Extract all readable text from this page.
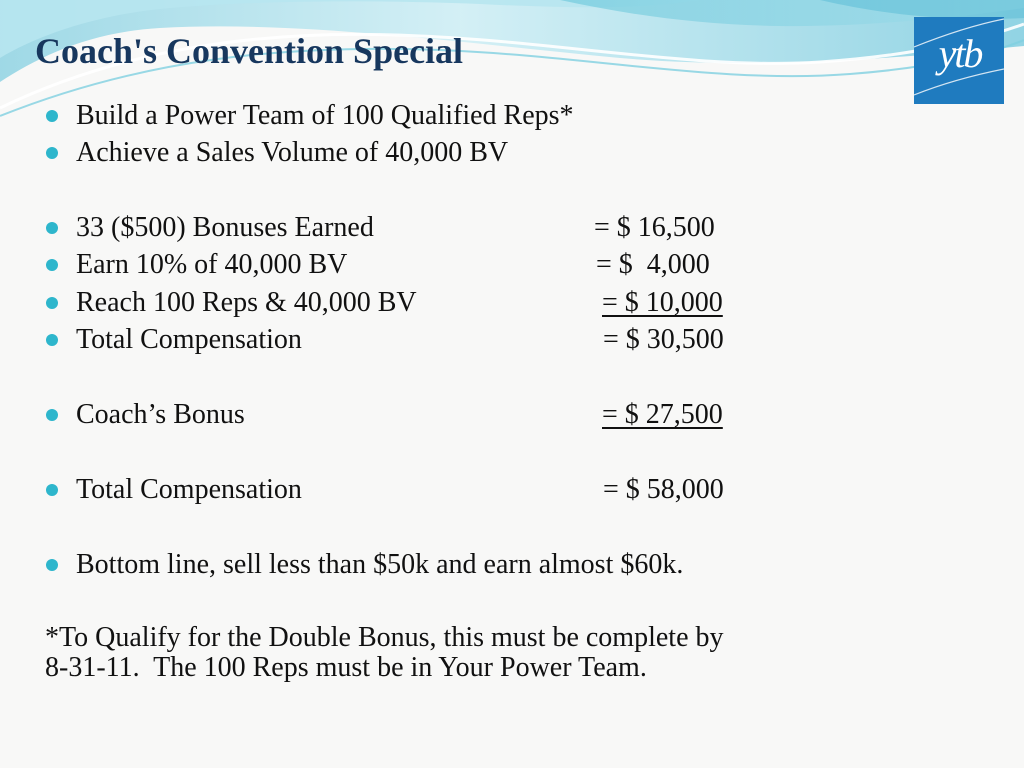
Coach's Convention Special	ytb
Build a Power Team of 100 Qualified Reps*
Achieve a Sales Volume of 40,000 BV
33 ($500) Bonuses Earned	= $ 16,500
Earn 10% of 40,000 BV	= $  4,000
Reach 100 Reps & 40,000 BV	= $ 10,000
Total Compensation	= $ 30,500
Coach’s Bonus	= $ 27,500
Total Compensation	= $ 58,000
Bottom line, sell less than $50k and earn almost $60k.

*To Qualify for the Double Bonus, this must be complete by

8-31-11.  The 100 Reps must be in Your Power Team.
